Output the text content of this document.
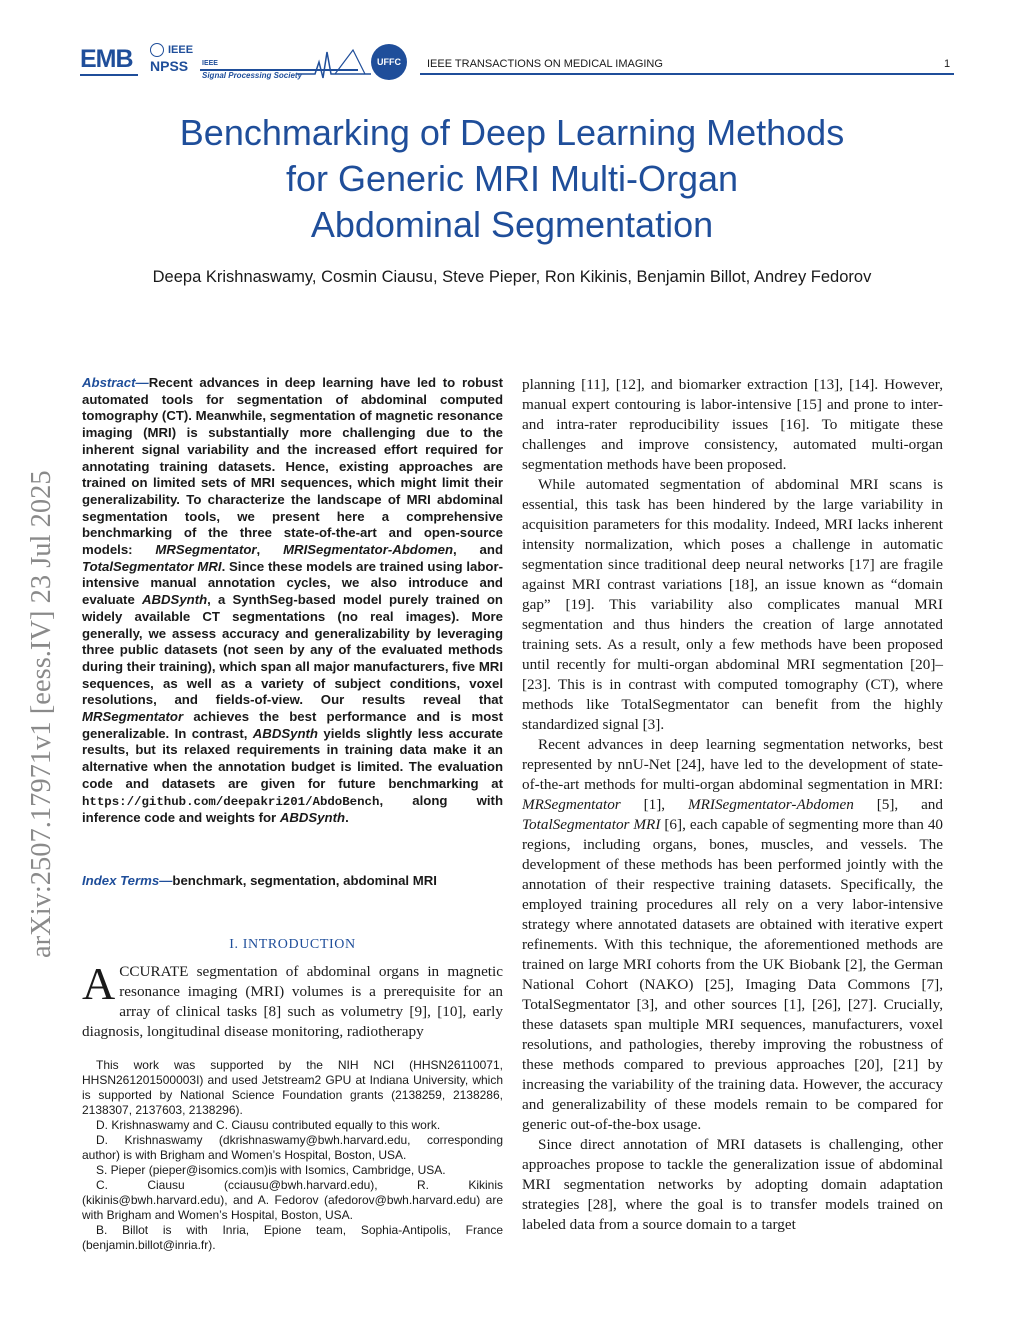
EMB	IEEE
NPSS IEEE
Signal Processing Society
UFFC	IEEE TRANSACTIONS ON MEDICAL IMAGING	1
Benchmarking of Deep Learning Methods
for Generic MRI Multi-Organ
Abdominal Segmentation
Deepa Krishnaswamy, Cosmin Ciausu, Steve Pieper, Ron Kikinis, Benjamin Billot, Andrey Fedorov
arXiv:2507.17971v1 [eess.IV] 23 Jul 2025
Abstract—Recent advances in deep learning have led to robust automated tools for segmentation of abdominal computed tomography (CT). Meanwhile, segmentation of magnetic resonance imaging (MRI) is substantially more challenging due to the inherent signal variability and the increased effort required for annotating training datasets. Hence, existing approaches are trained on limited sets of MRI sequences, which might limit their generalizability. To characterize the landscape of MRI abdominal segmentation tools, we present here a comprehensive benchmarking of the three state-of-the-art and open-source models: MRSegmentator, MRISegmentator-Abdomen, and TotalSegmentator MRI. Since these models are trained using labor-intensive manual annotation cycles, we also introduce and evaluate ABDSynth, a SynthSeg-based model purely trained on widely available CT segmentations (no real images). More generally, we assess accuracy and generalizability by leveraging three public datasets (not seen by any of the evaluated methods during their training), which span all major manufacturers, five MRI sequences, as well as a variety of subject conditions, voxel resolutions, and fields-of-view. Our results reveal that MRSegmentator achieves the best performance and is most generalizable. In contrast, ABDSynth yields slightly less accurate results, but its relaxed requirements in training data make it an alternative when the annotation budget is limited. The evaluation code and datasets are given for future benchmarking at https://github.com/deepakri201/AbdoBench, along with inference code and weights for ABDSynth.
Index Terms—benchmark, segmentation, abdominal MRI
I. INTRODUCTION
ACCURATE segmentation of abdominal organs in magnetic resonance imaging (MRI) volumes is a prerequisite for an array of clinical tasks [8] such as volumetry [9], [10], early diagnosis, longitudinal disease monitoring, radiotherapy

This work was supported by the NIH NCI (HHSN26110071, HHSN261201500003I) and used Jetstream2 GPU at Indiana University, which is supported by National Science Foundation grants (2138259, 2138286, 2138307, 2137603, 2138296).

D. Krishnaswamy and C. Ciausu contributed equally to this work.

D. Krishnaswamy (dkrishnaswamy@bwh.harvard.edu, corresponding author) is with Brigham and Women’s Hospital, Boston, USA.

S. Pieper (pieper@isomics.com)is with Isomics, Cambridge, USA.

C. Ciausu (cciausu@bwh.harvard.edu), R. Kikinis (kikinis@bwh.harvard.edu), and A. Fedorov (afedorov@bwh.harvard.edu) are with Brigham and Women’s Hospital, Boston, USA.

B. Billot is with Inria, Epione team, Sophia-Antipolis, France (benjamin.billot@inria.fr).

planning [11], [12], and biomarker extraction [13], [14]. However, manual expert contouring is labor-intensive [15] and prone to inter- and intra-rater reproducibility issues [16]. To mitigate these challenges and improve consistency, automated multi-organ segmentation methods have been proposed.

While automated segmentation of abdominal MRI scans is essential, this task has been hindered by the large variability in acquisition parameters for this modality. Indeed, MRI lacks inherent intensity normalization, which poses a challenge in automatic segmentation since traditional deep neural networks [17] are fragile against MRI contrast variations [18], an issue known as “domain gap” [19]. This variability also complicates manual MRI segmentation and thus hinders the creation of large annotated training sets. As a result, only a few methods have been proposed until recently for multi-organ abdominal MRI segmentation [20]–[23]. This is in contrast with computed tomography (CT), where methods like TotalSegmentator can benefit from the highly standardized signal [3].

Recent advances in deep learning segmentation networks, best represented by nnU-Net [24], have led to the development of state-of-the-art methods for multi-organ abdominal segmentation in MRI: MRSegmentator [1], MRISegmentator-Abdomen [5], and TotalSegmentator MRI [6], each capable of segmenting more than 40 regions, including organs, bones, muscles, and vessels. The development of these methods has been performed jointly with the annotation of their respective training datasets. Specifically, the employed training procedures all rely on a very labor-intensive strategy where annotated datasets are obtained with iterative expert refinements. With this technique, the aforementioned methods are trained on large MRI cohorts from the UK Biobank [2], the German National Cohort (NAKO) [25], Imaging Data Commons [7], TotalSegmentator [3], and other sources [1], [26], [27]. Crucially, these datasets span multiple MRI sequences, manufacturers, voxel resolutions, and pathologies, thereby improving the robustness of these methods compared to previous approaches [20], [21] by increasing the variability of the training data. However, the accuracy and generalizability of these models remain to be compared for generic out-of-the-box usage.

Since direct annotation of MRI datasets is challenging, other approaches propose to tackle the generalization issue of abdominal MRI segmentation networks by adopting domain adaptation strategies [28], where the goal is to transfer models trained on labeled data from a source domain to a target
